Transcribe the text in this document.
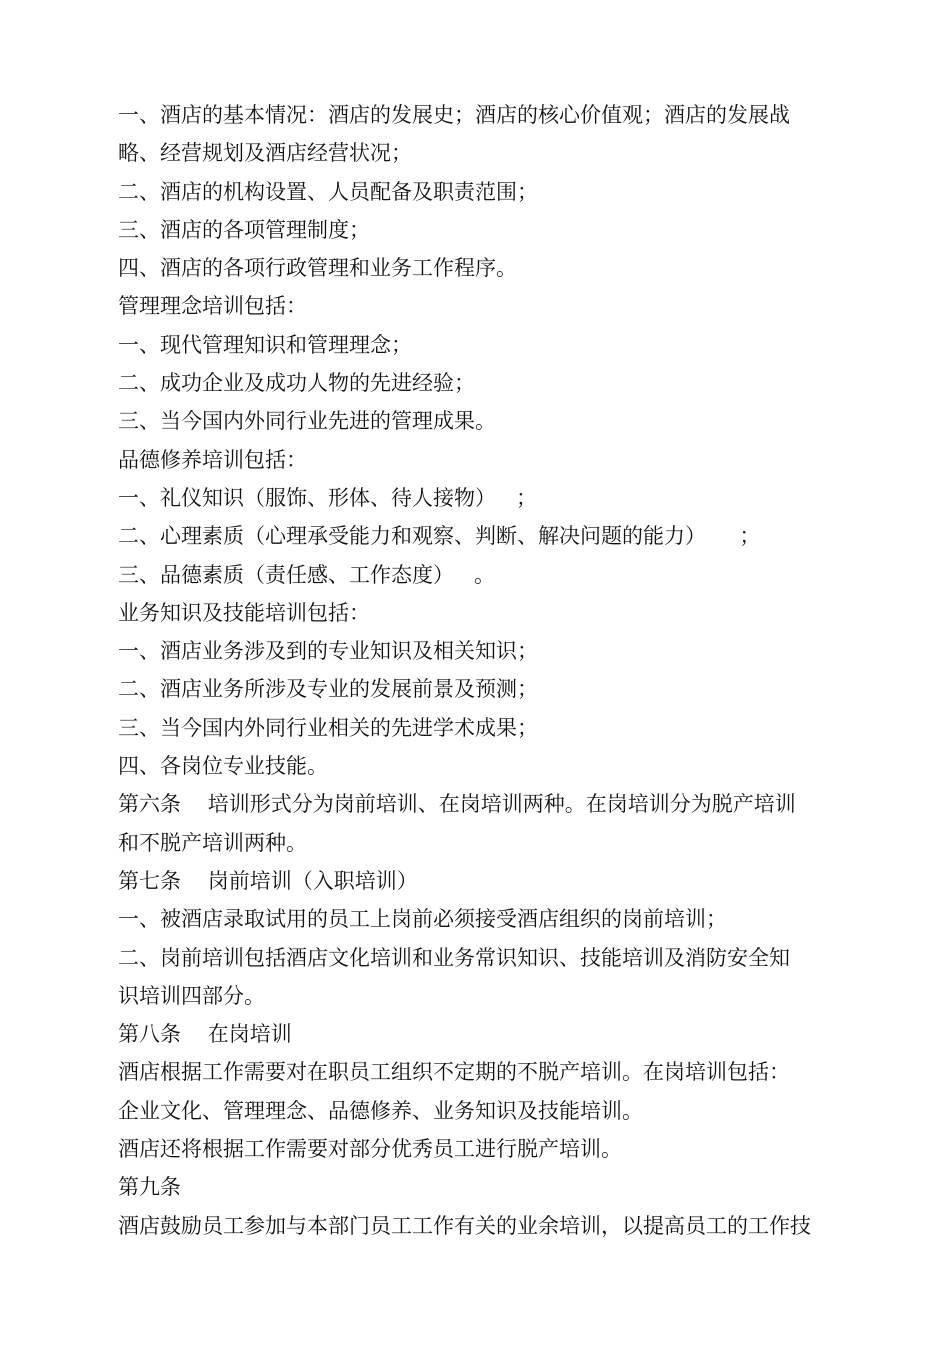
一、酒店的基本情况：酒店的发展史；酒店的核心价值观；酒店的发展战
略、经营规划及酒店经营状况；
二、酒店的机构设置、人员配备及职责范围；
三、酒店的各项管理制度；
四、酒店的各项行政管理和业务工作程序。
管理理念培训包括：
一、现代管理知识和管理理念；
二、成功企业及成功人物的先进经验；
三、当今国内外同行业先进的管理成果。
品德修养培训包括：
一、礼仪知识（服饰、形体、待人接物）   ；
二、心理素质（心理承受能力和观察、判断、解决问题的能力）     ；
三、品德素质（责任感、工作态度）   。
业务知识及技能培训包括：
一、酒店业务涉及到的专业知识及相关知识；
二、酒店业务所涉及专业的发展前景及预测；
三、当今国内外同行业相关的先进学术成果；
四、各岗位专业技能。
第六条    培训形式分为岗前培训、在岗培训两种。在岗培训分为脱产培训
和不脱产培训两种。
第七条    岗前培训（入职培训）
一、被酒店录取试用的员工上岗前必须接受酒店组织的岗前培训；
二、岗前培训包括酒店文化培训和业务常识知识、技能培训及消防安全知
识培训四部分。
第八条    在岗培训
酒店根据工作需要对在职员工组织不定期的不脱产培训。在岗培训包括：
企业文化、管理理念、品德修养、业务知识及技能培训。
酒店还将根据工作需要对部分优秀员工进行脱产培训。
第九条
酒店鼓励员工参加与本部门员工工作有关的业余培训，以提高员工的工作技
